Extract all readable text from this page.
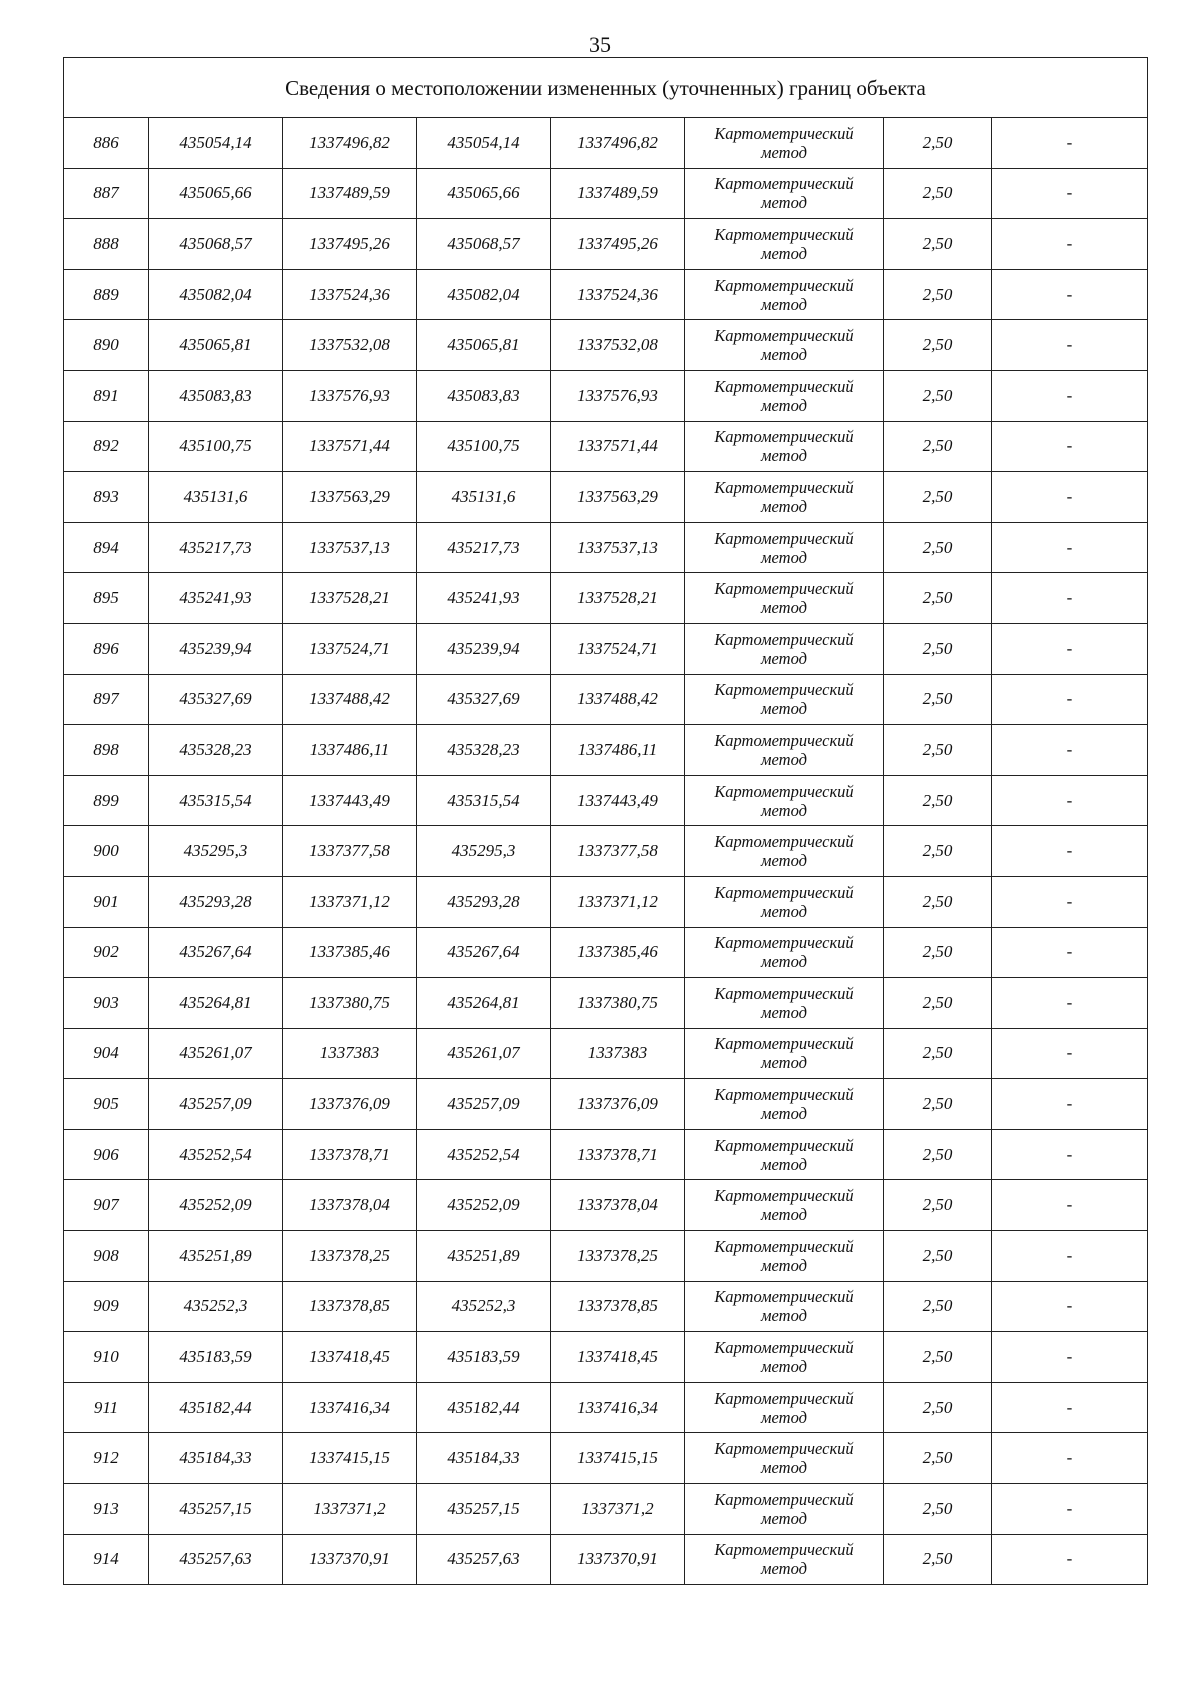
35
Сведения о местоположении измененных (уточненных) границ объекта							
886	435054,14	1337496,82	435054,14	1337496,82	Картометрический
метод	2,50	-
887	435065,66	1337489,59	435065,66	1337489,59	Картометрический
метод	2,50	-
888	435068,57	1337495,26	435068,57	1337495,26	Картометрический
метод	2,50	-
889	435082,04	1337524,36	435082,04	1337524,36	Картометрический
метод	2,50	-
890	435065,81	1337532,08	435065,81	1337532,08	Картометрический
метод	2,50	-
891	435083,83	1337576,93	435083,83	1337576,93	Картометрический
метод	2,50	-
892	435100,75	1337571,44	435100,75	1337571,44	Картометрический
метод	2,50	-
893	435131,6	1337563,29	435131,6	1337563,29	Картометрический
метод	2,50	-
894	435217,73	1337537,13	435217,73	1337537,13	Картометрический
метод	2,50	-
895	435241,93	1337528,21	435241,93	1337528,21	Картометрический
метод	2,50	-
896	435239,94	1337524,71	435239,94	1337524,71	Картометрический
метод	2,50	-
897	435327,69	1337488,42	435327,69	1337488,42	Картометрический
метод	2,50	-
898	435328,23	1337486,11	435328,23	1337486,11	Картометрический
метод	2,50	-
899	435315,54	1337443,49	435315,54	1337443,49	Картометрический
метод	2,50	-
900	435295,3	1337377,58	435295,3	1337377,58	Картометрический
метод	2,50	-
901	435293,28	1337371,12	435293,28	1337371,12	Картометрический
метод	2,50	-
902	435267,64	1337385,46	435267,64	1337385,46	Картометрический
метод	2,50	-
903	435264,81	1337380,75	435264,81	1337380,75	Картометрический
метод	2,50	-
904	435261,07	1337383	435261,07	1337383	Картометрический
метод	2,50	-
905	435257,09	1337376,09	435257,09	1337376,09	Картометрический
метод	2,50	-
906	435252,54	1337378,71	435252,54	1337378,71	Картометрический
метод	2,50	-
907	435252,09	1337378,04	435252,09	1337378,04	Картометрический
метод	2,50	-
908	435251,89	1337378,25	435251,89	1337378,25	Картометрический
метод	2,50	-
909	435252,3	1337378,85	435252,3	1337378,85	Картометрический
метод	2,50	-
910	435183,59	1337418,45	435183,59	1337418,45	Картометрический
метод	2,50	-
911	435182,44	1337416,34	435182,44	1337416,34	Картометрический
метод	2,50	-
912	435184,33	1337415,15	435184,33	1337415,15	Картометрический
метод	2,50	-
913	435257,15	1337371,2	435257,15	1337371,2	Картометрический
метод	2,50	-
914	435257,63	1337370,91	435257,63	1337370,91	Картометрический
метод	2,50	-
